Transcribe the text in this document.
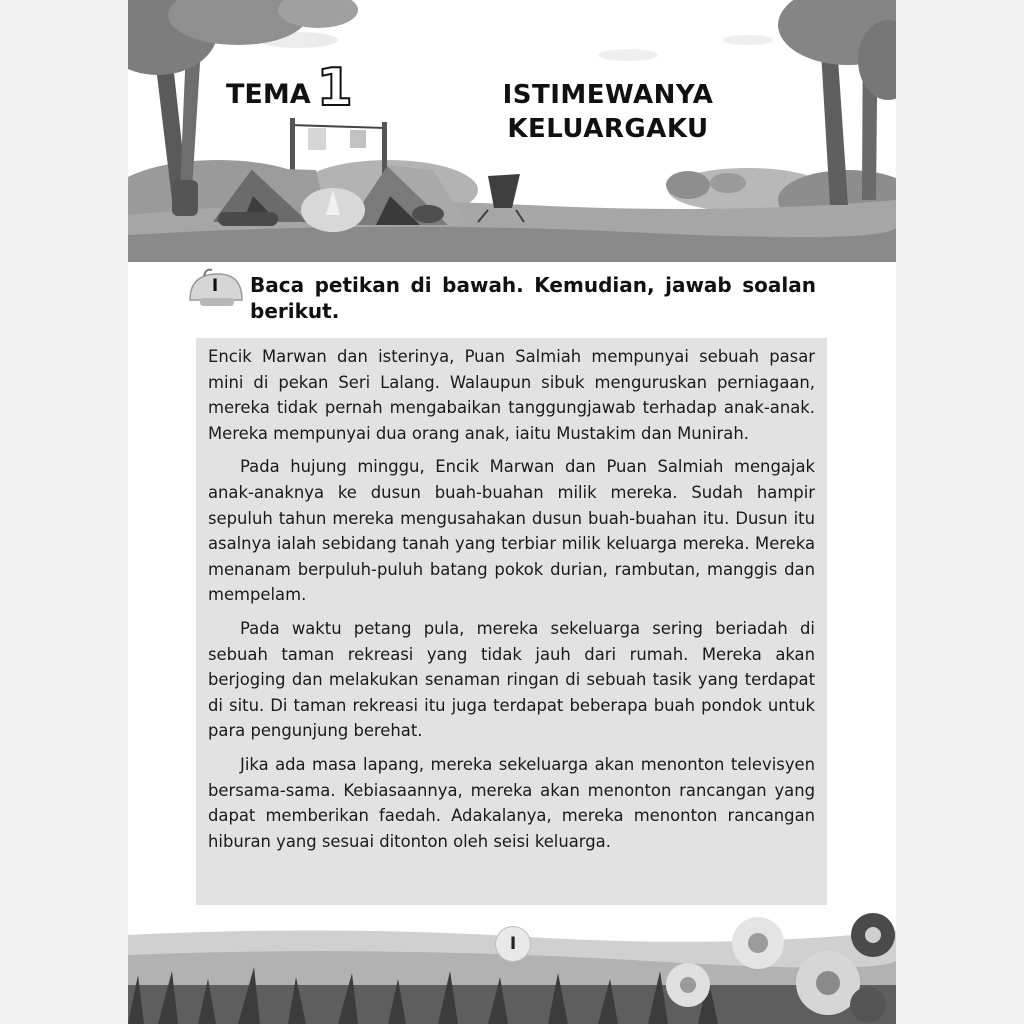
TEMA 1	ISTIMEWANYA
KELUARGAKU
I	Baca petikan di bawah. Kemudian, jawab soalan berikut.

Encik Marwan dan isterinya, Puan Salmiah mempunyai sebuah pasar mini di pekan Seri Lalang. Walaupun sibuk menguruskan perniagaan, mereka tidak pernah mengabaikan tanggungjawab terhadap anak-anak. Mereka mempunyai dua orang anak, iaitu Mustakim dan Munirah.

Pada hujung minggu, Encik Marwan dan Puan Salmiah mengajak anak-anaknya ke dusun buah-buahan milik mereka. Sudah hampir sepuluh tahun mereka mengusahakan dusun buah-buahan itu. Dusun itu asalnya ialah sebidang tanah yang terbiar milik keluarga mereka. Mereka menanam berpuluh-puluh batang pokok durian, rambutan, manggis dan mempelam.

Pada waktu petang pula, mereka sekeluarga sering beriadah di sebuah taman rekreasi yang tidak jauh dari rumah. Mereka akan berjoging dan melakukan senaman ringan di sebuah tasik yang terdapat di situ. Di taman rekreasi itu juga terdapat beberapa buah pondok untuk para pengunjung berehat.

Jika ada masa lapang, mereka sekeluarga akan menonton televisyen bersama-sama. Kebiasaannya, mereka akan menonton rancangan yang dapat memberikan faedah. Adakalanya, mereka menonton rancangan hiburan yang sesuai ditonton oleh seisi keluarga.

I
